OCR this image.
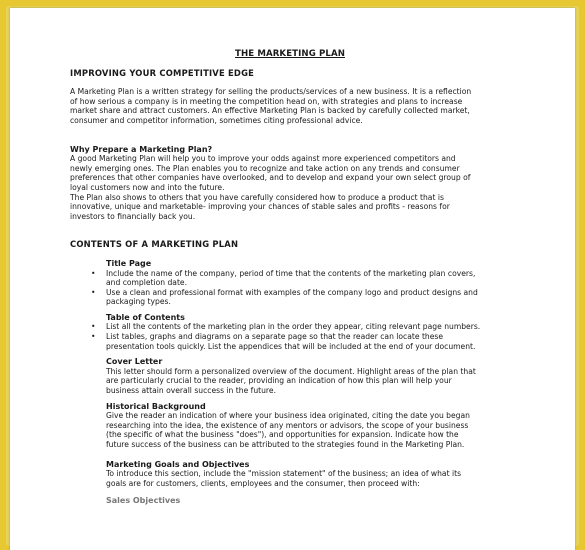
THE MARKETING PLAN

IMPROVING YOUR COMPETITIVE EDGE

A Marketing Plan is a written strategy for selling the products/services of a new business. It is a reflection
of how serious a company is in meeting the competition head on, with strategies and plans to increase
market share and attract customers. An effective Marketing Plan is backed by carefully collected market,
consumer and competitor information, sometimes citing professional advice.

Why Prepare a Marketing Plan?
A good Marketing Plan will help you to improve your odds against more experienced competitors and
newly emerging ones. The Plan enables you to recognize and take action on any trends and consumer
preferences that other companies have overlooked, and to develop and expand your own select group of
loyal customers now and into the future.
The Plan also shows to others that you have carefully considered how to produce a product that is
innovative, unique and marketable- improving your chances of stable sales and profits - reasons for
investors to financially back you.

CONTENTS OF A MARKETING PLAN

Title Page

• Include the name of the company, period of time that the contents of the marketing plan covers,
and completion date.
• Use a clean and professional format with examples of the company logo and product designs and
packaging types.

Table of Contents

• List all the contents of the marketing plan in the order they appear, citing relevant page numbers.
• List tables, graphs and diagrams on a separate page so that the reader can locate these
presentation tools quickly. List the appendices that will be included at the end of your document.

Cover Letter

This letter should form a personalized overview of the document. Highlight areas of the plan that
are particularly crucial to the reader, providing an indication of how this plan will help your
business attain overall success in the future.

Historical Background

Give the reader an indication of where your business idea originated, citing the date you began
researching into the idea, the existence of any mentors or advisors, the scope of your business
(the specific of what the business "does"), and opportunities for expansion. Indicate how the
future success of the business can be attributed to the strategies found in the Marketing Plan.

Marketing Goals and Objectives

To introduce this section, include the "mission statement" of the business; an idea of what its
goals are for customers, clients, employees and the consumer, then proceed with:

Sales Objectives
